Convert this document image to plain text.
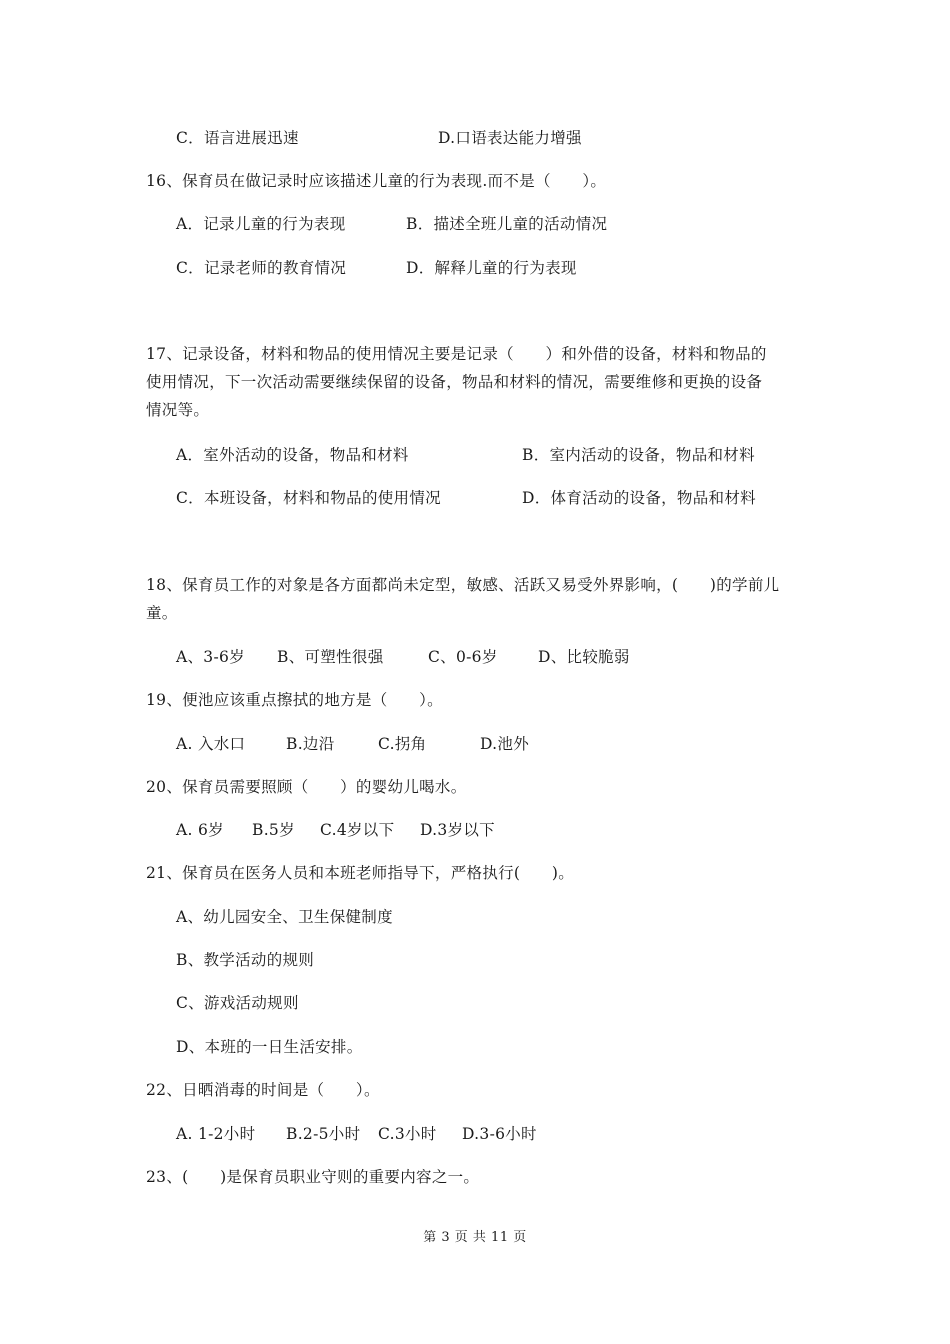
C．语言进展迅速	D.口语表达能力增强
16、保育员在做记录时应该描述儿童的行为表现.而不是（　　）。
A．记录儿童的行为表现	B．描述全班儿童的活动情况
C．记录老师的教育情况	D．解释儿童的行为表现
17、记录设备，材料和物品的使用情况主要是记录（　　）和外借的设备，材料和物品的
使用情况，下一次活动需要继续保留的设备，物品和材料的情况，需要维修和更换的设备
情况等。
A．室外活动的设备，物品和材料	B．室内活动的设备，物品和材料
C．本班设备，材料和物品的使用情况	D．体育活动的设备，物品和材料
18、保育员工作的对象是各方面都尚未定型，敏感、活跃又易受外界影响，(　　)的学前儿
童。
A、3-6岁 B、可塑性很强	C、0-6岁	D、比较脆弱
19、便池应该重点擦拭的地方是（　　）。
A. 入水口	B.边沿	C.拐角	D.池外
20、保育员需要照顾（　　）的婴幼儿喝水。
A. 6岁 B.5岁 C.4岁以下 D.3岁以下
21、保育员在医务人员和本班老师指导下，严格执行(　　)。
A、幼儿园安全、卫生保健制度
B、教学活动的规则
C、游戏活动规则
D、本班的一日生活安排。
22、日晒消毒的时间是（　　）。
A. 1-2小时 B.2-5小时 C.3小时 D.3-6小时
23、(　　)是保育员职业守则的重要内容之一。
第 3 页 共 11 页
